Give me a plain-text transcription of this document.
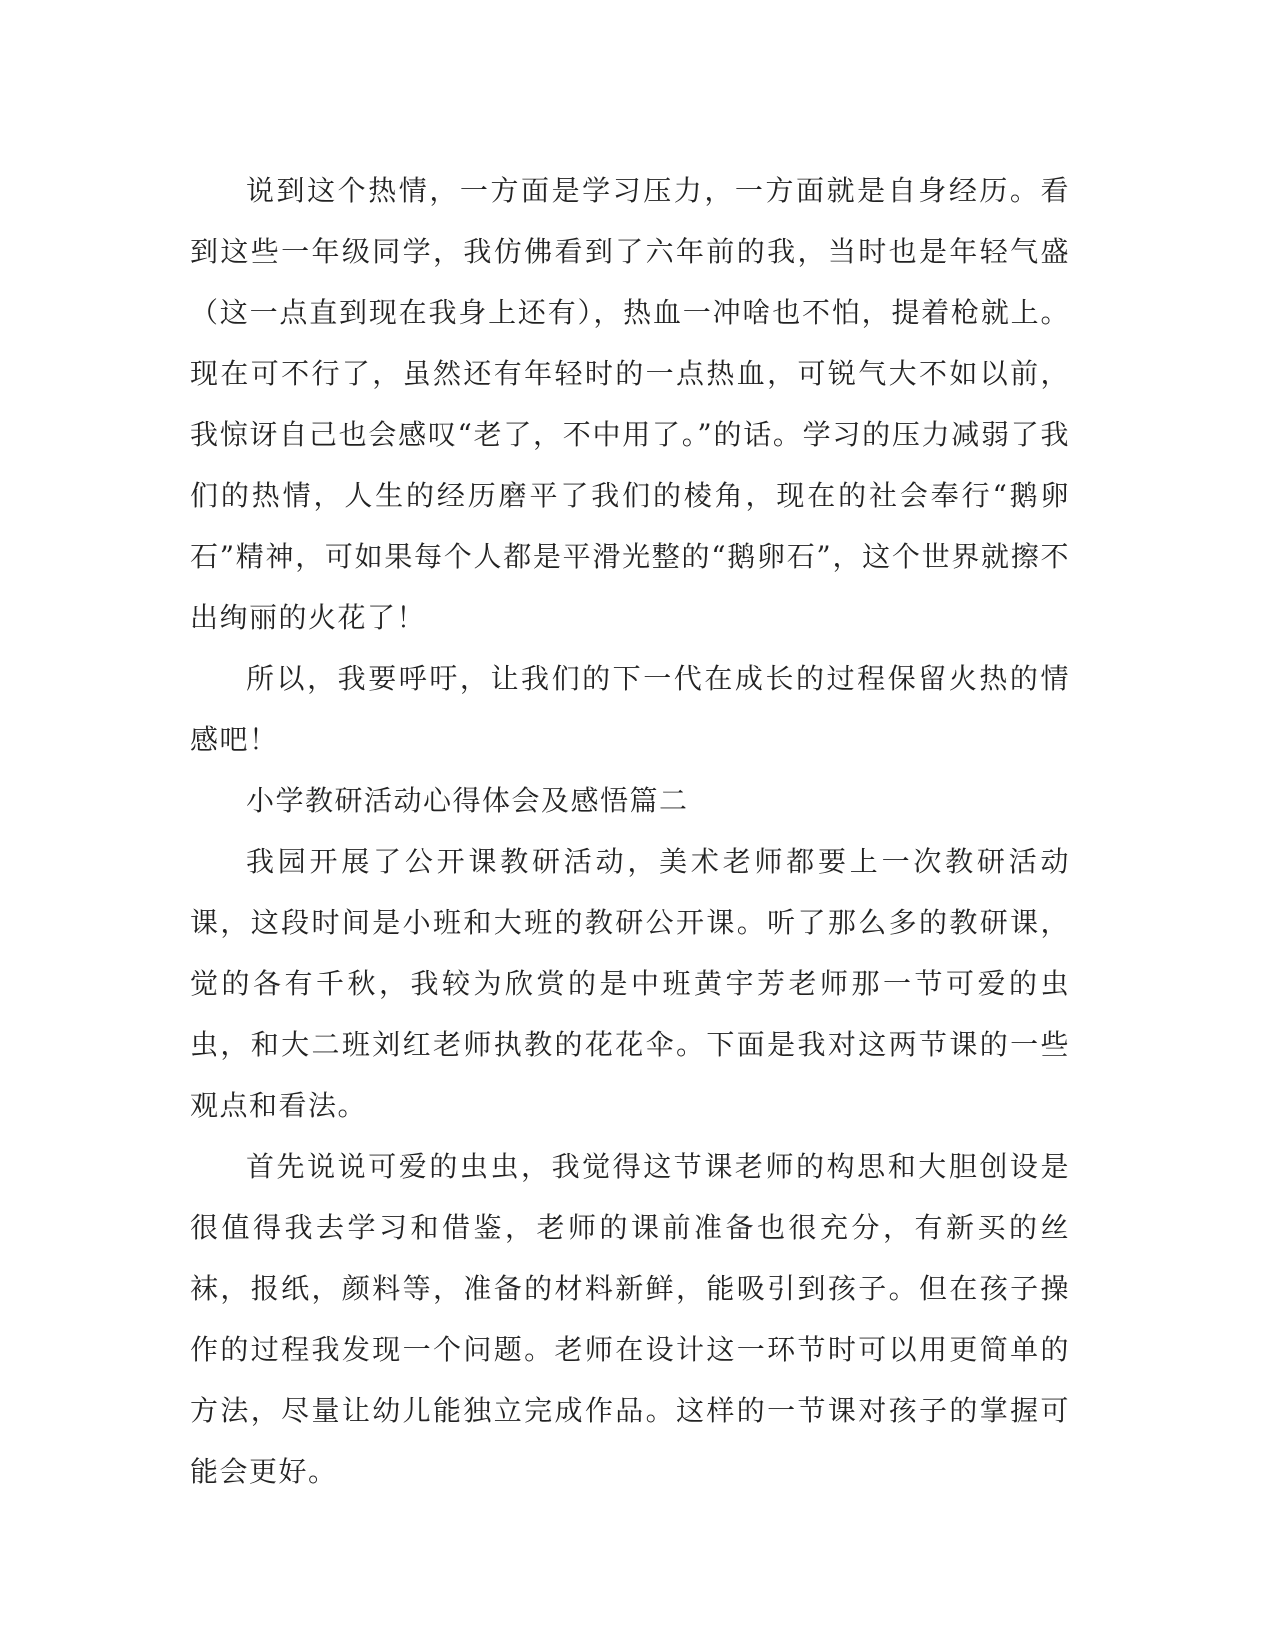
说到这个热情，一方面是学习压力，一方面就是自身经历。看到这些一年级同学，我仿佛看到了六年前的我，当时也是年轻气盛（这一点直到现在我身上还有），热血一冲啥也不怕，提着枪就上。现在可不行了，虽然还有年轻时的一点热血，可锐气大不如以前，我惊讶自己也会感叹“老了，不中用了。”的话。学习的压力减弱了我们的热情，人生的经历磨平了我们的棱角，现在的社会奉行“鹅卵石”精神，可如果每个人都是平滑光整的“鹅卵石”，这个世界就擦不出绚丽的火花了！

所以，我要呼吁，让我们的下一代在成长的过程保留火热的情感吧！

小学教研活动心得体会及感悟篇二

我园开展了公开课教研活动，美术老师都要上一次教研活动课，这段时间是小班和大班的教研公开课。听了那么多的教研课，觉的各有千秋，我较为欣赏的是中班黄宇芳老师那一节可爱的虫虫，和大二班刘红老师执教的花花伞。下面是我对这两节课的一些观点和看法。

首先说说可爱的虫虫，我觉得这节课老师的构思和大胆创设是很值得我去学习和借鉴，老师的课前准备也很充分，有新买的丝袜，报纸，颜料等，准备的材料新鲜，能吸引到孩子。但在孩子操作的过程我发现一个问题。老师在设计这一环节时可以用更简单的方法，尽量让幼儿能独立完成作品。这样的一节课对孩子的掌握可能会更好。
